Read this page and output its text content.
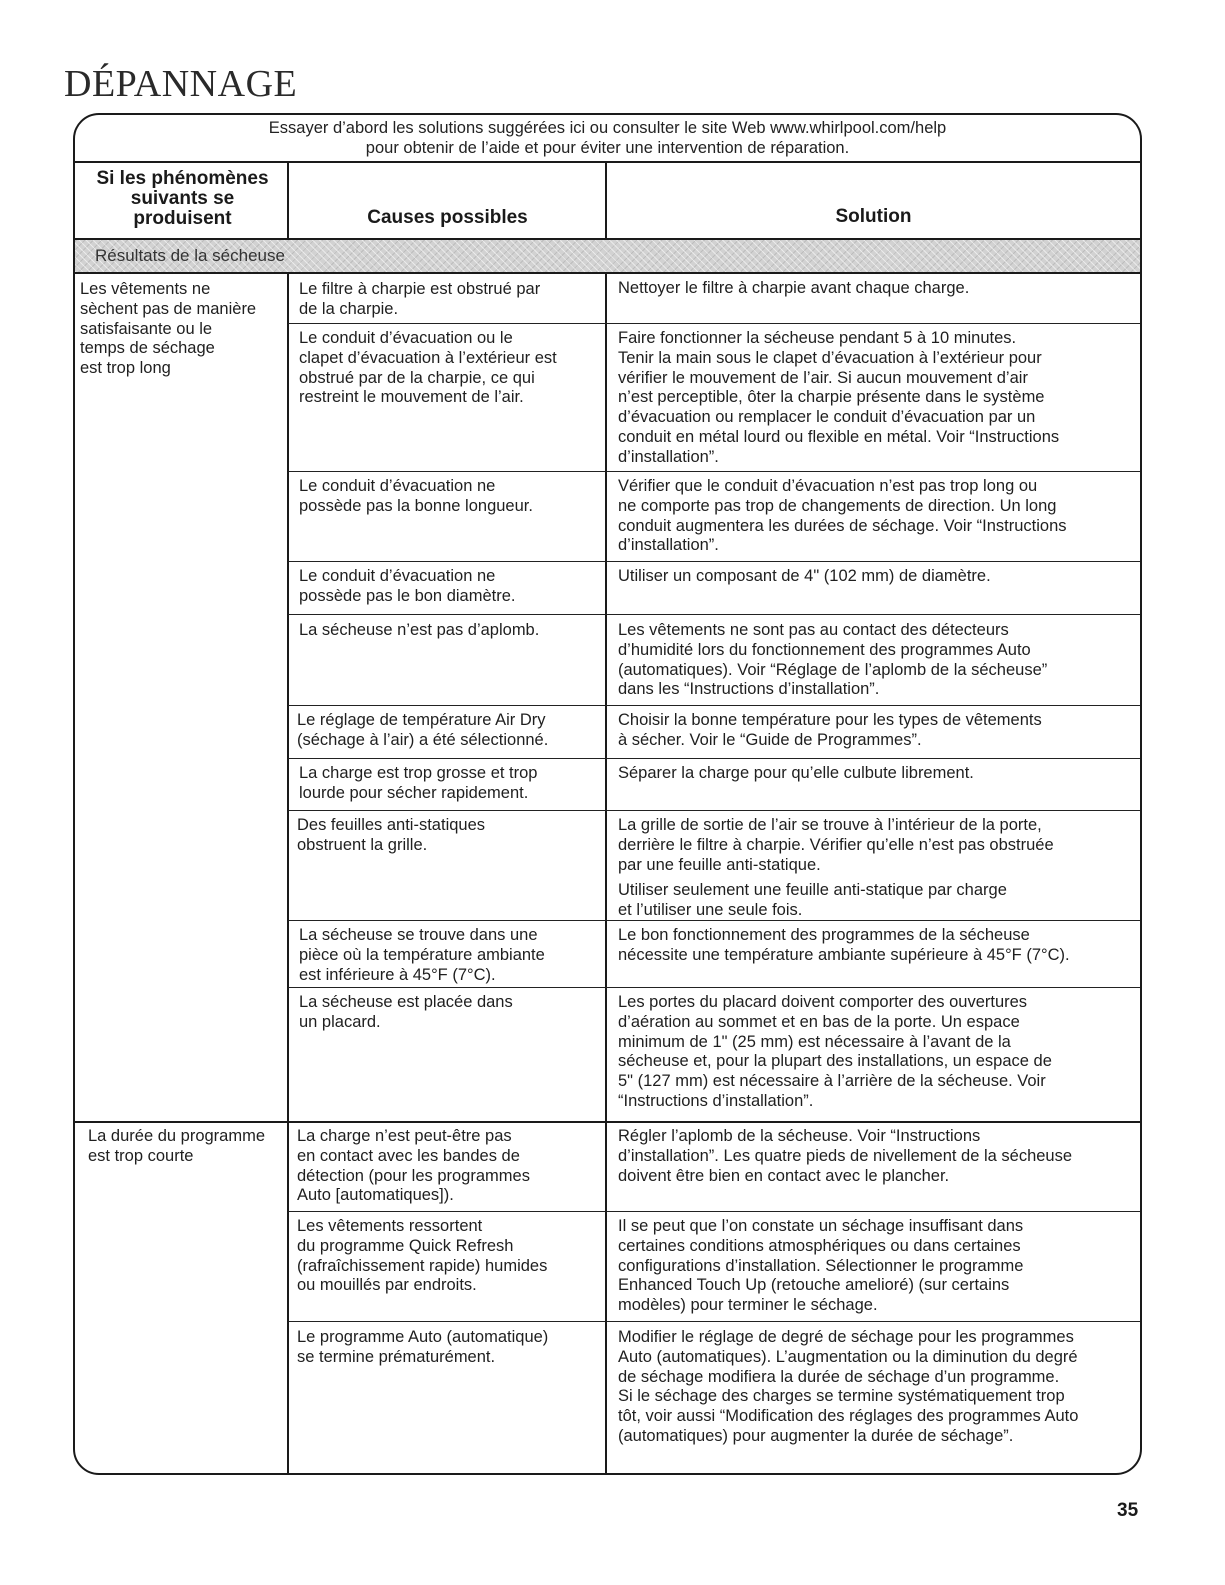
DÉPANNAGE
Essayer d’abord les solutions suggérées ici ou consulter le site Web www.whirlpool.com/help
pour obtenir de l’aide et pour éviter une intervention de réparation.
Si les phénomènes
suivants se
produisent	Causes possibles	Solution
Résultats de la sécheuse
Les vêtements ne
sèchent pas de manière
satisfaisante ou le
temps de séchage
est trop long
La durée du programme
est trop courte
Le filtre à charpie est obstrué par
de la charpie.
Le conduit d’évacuation ou le
clapet d’évacuation à l’extérieur est
obstrué par de la charpie, ce qui
restreint le mouvement de l’air.
Le conduit d’évacuation ne
possède pas la bonne longueur.
Le conduit d’évacuation ne
possède pas le bon diamètre.
La sécheuse n’est pas d’aplomb.
Le réglage de température Air Dry
(séchage à l’air) a été sélectionné.
La charge est trop grosse et trop
lourde pour sécher rapidement.
Des feuilles anti-statiques
obstruent la grille.
La sécheuse se trouve dans une
pièce où la température ambiante
est inférieure à 45°F (7°C).
La sécheuse est placée dans
un placard.
La charge n’est peut-être pas
en contact avec les bandes de
détection (pour les programmes
Auto [automatiques]).
Les vêtements ressortent
du programme Quick Refresh
(rafraîchissement rapide) humides
ou mouillés par endroits.
Le programme Auto (automatique)
se termine prématurément.
Nettoyer le filtre à charpie avant chaque charge.
Faire fonctionner la sécheuse pendant 5 à 10 minutes.
Tenir la main sous le clapet d’évacuation à l’extérieur pour
vérifier le mouvement de l’air. Si aucun mouvement d’air
n’est perceptible, ôter la charpie présente dans le système
d’évacuation ou remplacer le conduit d’évacuation par un
conduit en métal lourd ou flexible en métal. Voir “Instructions
d’installation”.
Vérifier que le conduit d’évacuation n’est pas trop long ou
ne comporte pas trop de changements de direction. Un long
conduit augmentera les durées de séchage. Voir “Instructions
d’installation”.
Utiliser un composant de 4" (102 mm) de diamètre.
Les vêtements ne sont pas au contact des détecteurs
d’humidité lors du fonctionnement des programmes Auto
(automatiques). Voir “Réglage de l’aplomb de la sécheuse”
dans les “Instructions d’installation”.
Choisir la bonne température pour les types de vêtements
à sécher. Voir le “Guide de Programmes”.
Séparer la charge pour qu’elle culbute librement.
La grille de sortie de l’air se trouve à l’intérieur de la porte,
derrière le filtre à charpie. Vérifier qu’elle n’est pas obstruée
par une feuille anti-statique.
Utiliser seulement une feuille anti-statique par charge
et l’utiliser une seule fois.
Le bon fonctionnement des programmes de la sécheuse
nécessite une température ambiante supérieure à 45°F (7°C).
Les portes du placard doivent comporter des ouvertures
d’aération au sommet et en bas de la porte. Un espace
minimum de 1" (25 mm) est nécessaire à l’avant de la
sécheuse et, pour la plupart des installations, un espace de
5" (127 mm) est nécessaire à l’arrière de la sécheuse. Voir
“Instructions d’installation”.
Régler l’aplomb de la sécheuse. Voir “Instructions
d’installation”. Les quatre pieds de nivellement de la sécheuse
doivent être bien en contact avec le plancher.
Il se peut que l’on constate un séchage insuffisant dans
certaines conditions atmosphériques ou dans certaines
configurations d’installation. Sélectionner le programme
Enhanced Touch Up (retouche amelioré) (sur certains
modèles) pour terminer le séchage.
Modifier le réglage de degré de séchage pour les programmes
Auto (automatiques). L’augmentation ou la diminution du degré
de séchage modifiera la durée de séchage d’un programme.
Si le séchage des charges se termine systématiquement trop
tôt, voir aussi “Modification des réglages des programmes Auto
(automatiques) pour augmenter la durée de séchage”.
35
